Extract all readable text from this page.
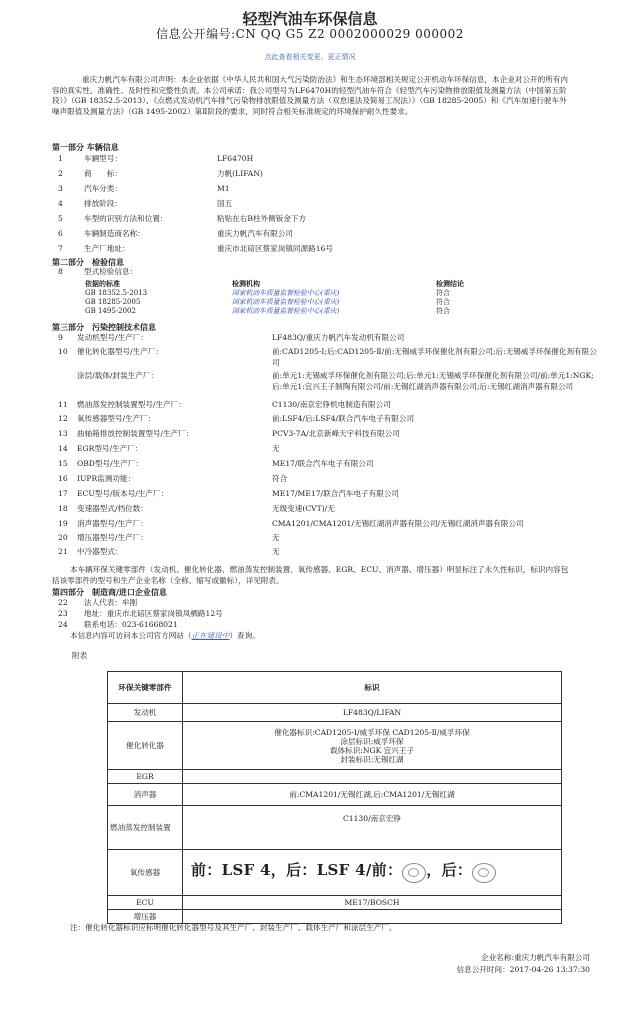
轻型汽油车环保信息
信息公开编号:CN QQ G5 Z2 0002000029 000002
点此查看相关变更、更正情况
重庆力帆汽车有限公司声明：本企业依据《中华人民共和国大气污染防治法》和生态环境部相关规定公开机动车环保信息，本企业对公开的所有内容的真实性、准确性、及时性和完整性负责。本公司承诺：我公司型号为LF6470H的轻型汽油车符合《轻型汽车污染物排放限值及测量方法（中国第五阶段）》（GB 18352.5-2013）、《点燃式发动机汽车排气污染物排放限值及测量方法（双怠速法及简易工况法）》（GB 18285-2005）和《汽车加速行驶车外噪声限值及测量方法》（GB 1495-2002）第Ⅱ阶段的要求，同时符合相关标准规定的环境保护耐久性要求。
第一部分 车辆信息
1	车辆型号：	LF6470H
2	商　　标：	力帆(LIFAN)
3	汽车分类：	M1
4	排放阶段：	国五
5	车型的识别方法和位置：	粘贴在右B柱外侧钣金下方
6	车辆制造商名称：	重庆力帆汽车有限公司
7	生产厂地址：	重庆市北碚区蔡家岗镇同源路16号
第二部分　检验信息
8	型式检验信息：
依据的标准	检测机构	检测结论
GB 18352.5-2013	国家机动车质量监督检验中心(重庆)	符合
GB 18285-2005	国家机动车质量监督检验中心(重庆)	符合
GB 1495-2002	国家机动车质量监督检验中心(重庆)	符合
第三部分　污染控制技术信息
9 发动机型号/生产厂：	LF483Q/重庆力帆汽车发动机有限公司
10 催化转化器型号/生产厂：	前:CAD1205-Ⅰ;后:CAD1205-Ⅱ/前:无锡威孚环保催化剂有限公司;后:无锡威孚环保催化剂有限公司
涂层/载体/封装生产厂：	前:单元1:无锡威孚环保催化剂有限公司;后:单元1:无锡威孚环保催化剂有限公司/前:单元1:NGK;后:单元1:宜兴王子制陶有限公司/前:无锡红湖消声器有限公司;后:无锡红湖消声器有限公司
11 燃油蒸发控制装置型号/生产厂：	C1130/南京宏铮机电制造有限公司
12 氧传感器型号/生产厂：	前:LSF4/后:LSF4/联合汽车电子有限公司
13 曲轴箱排放控制装置型号/生产厂：	PCV3-7A/北京新峰天宇科技有限公司
14 EGR型号/生产厂：	无
15 OBD型号/生产厂：	ME17/联合汽车电子有限公司
16 IUPR监测功能：	符合
17 ECU型号/版本号/生产厂：	ME17/ME17/联合汽车电子有限公司
18 变速器型式/档位数：	无级变速(CVT)/无
19 消声器型号/生产厂：	CMA1201/CMA1201/无锡红湖消声器有限公司/无锡红湖消声器有限公司
20 增压器型号/生产厂：	无
21 中冷器型式：	无
本车辆环保关键零部件（发动机、催化转化器、燃油蒸发控制装置、氧传感器、EGR、ECU、消声器、增压器）明显标注了永久性标识，标识内容包括该零部件的型号和生产企业名称（全称、缩写或徽标），详见附表。
第四部分　制造商/进口企业信息
22 法人代表：牟刚
23 地址：重庆市北碚区蔡家岗镇凤栖路12号
24 联系电话：023-61668021
本信息内容可访问本公司官方网站（正在建设中）查询。
附表
环保关键零部件	标识
发动机	LF483Q/LIFAN
催化转化器	催化器标识:CAD1205-I/威孚环保 CAD1205-Ⅱ/威孚环保
涂层标识:威孚环保
载体标识:NGK 宜兴王子
封装标识:无锡红湖

EGR	
消声器	前:CMA1201/无锡红湖,后:CMA1201/无锡红湖
燃油蒸发控制装置	C1130/南京宏铮
氧传感器	前：LSF 4，后：LSF 4/前： ，后：
ECU	ME17/BOSCH
增压器	
注：催化转化器标识应标明催化转化器型号及其生产厂、封装生产厂、载体生产厂和涂层生产厂。
企业名称:重庆力帆汽车有限公司
信息公开时间：2017-04-26 13:37:30
